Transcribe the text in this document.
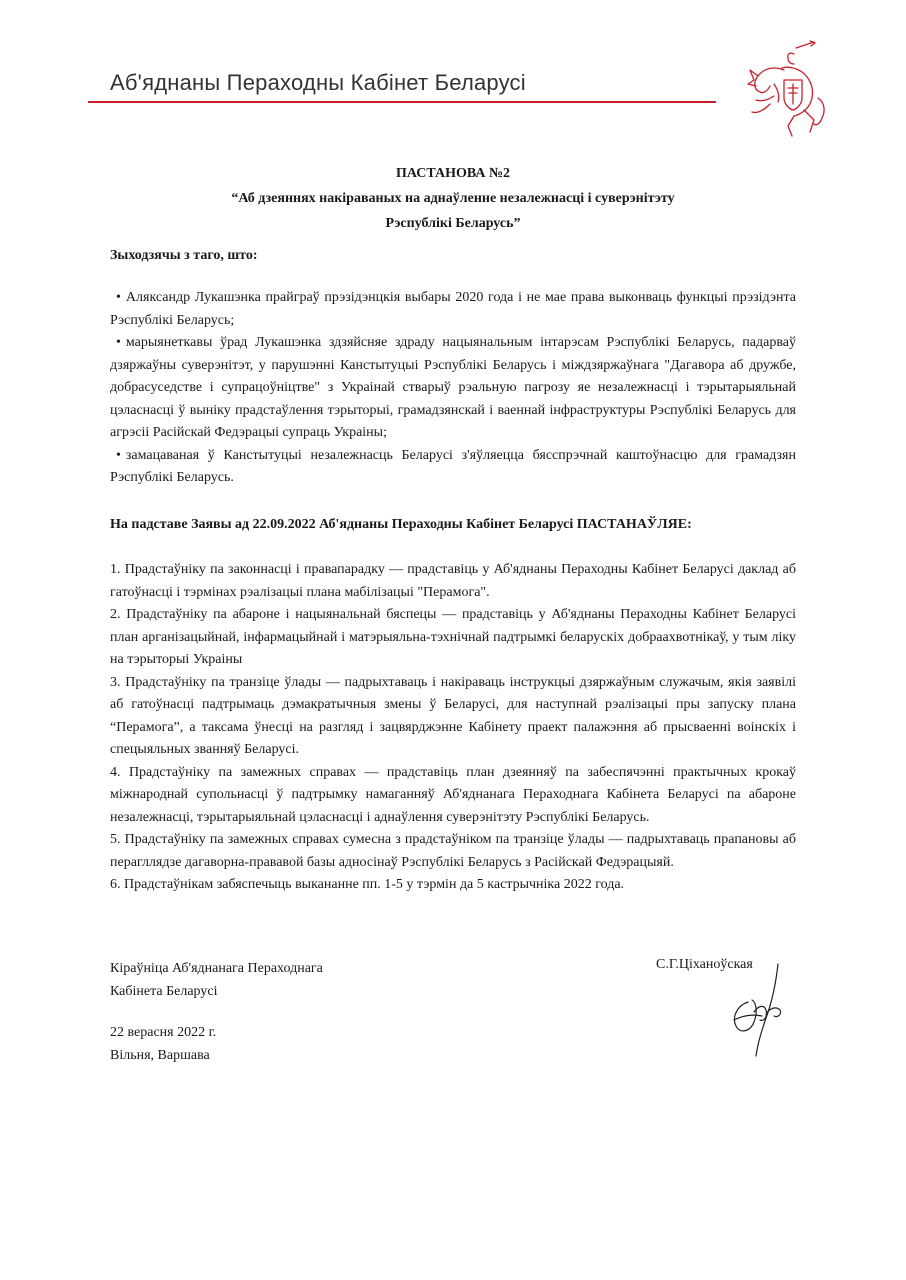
Аб'яднаны Пераходны Кабінет Беларусі
ПАСТАНОВА №2
“Аб дзеяннях накіраваных на аднаўленне незалежнасці і суверэнітэту
Рэспублікі Беларусь”
Зыходзячы з таго, што:

• Аляксандр Лукашэнка прайграў прэзідэнцкія выбары 2020 года і не мае права выконваць функцыі прэзідэнта Рэспублікі Беларусь;

• марыянеткавы ўрад Лукашэнка здзяйсняе здраду нацыянальным інтарэсам Рэспублікі Беларусь, падарваў дзяржаўны суверэнітэт, у парушэнні Канстытуцыі Рэспублікі Беларусь і міждзяржаўнага "Дагавора аб дружбе, добрасуседстве і супрацоўніцтве" з Украінай стварыў рэальную пагрозу яе незалежнасці і тэрытарыяльнай цэласнасці ў выніку прадстаўлення тэрыторыі, грамадзянскай і ваеннай інфраструктуры Рэспублікі Беларусь для агрэсіі Расійскай Федэрацыі супраць Украіны;

• замацаваная ў Канстытуцыі незалежнасць Беларусі з'яўляецца бясспрэчнай каштоўнасцю для грамадзян Рэспублікі Беларусь.

На падставе Заявы ад 22.09.2022 Аб'яднаны Пераходны Кабінет Беларусі ПАСТАНАЎЛЯЕ:

1. Прадстаўніку па законнасці і правапарадку — прадставіць у Аб'яднаны Пераходны Кабінет Беларусі даклад аб гатоўнасці і тэрмінах рэалізацыі плана мабілізацыі "Перамога".

2. Прадстаўніку па абароне і нацыянальнай бяспецы — прадставіць у Аб'яднаны Пераходны Кабінет Беларусі план арганізацыйнай, інфармацыйнай і матэрыяльна-тэхнічнай падтрымкі беларускіх добраахвотнікаў, у тым ліку на тэрыторыі Украіны

3. Прадстаўніку па транзіце ўлады — падрыхтаваць і накіраваць інструкцыі дзяржаўным служачым, якія заявілі аб гатоўнасці падтрымаць дэмакратычныя змены ў Беларусі, для наступнай рэалізацыі пры запуску плана “Перамога”, а таксама ўнесці на разгляд і зацвярджэнне Кабінету праект палажэння аб прысваенні воінскіх і спецыяльных званняў Беларусі.

4. Прадстаўніку па замежных справах — прадставіць план дзеянняў па забеспячэнні практычных крокаў міжнароднай супольнасці ў падтрымку намаганняў Аб'яднанага Пераходнага Кабінета Беларусі па абароне незалежнасці, тэрытарыяльнай цэласнасці і аднаўлення суверэнітэту Рэспублікі Беларусь.

5. Прадстаўніку па замежных справах сумесна з прадстаўніком па транзіце ўлады — падрыхтаваць прапановы аб перагллядзе дагаворна-прававой базы адносінаў Рэспублікі Беларусь з Расійскай Федэрацыяй.

6. Прадстаўнікам забяспечыць выкананне пп. 1-5 у тэрмін да 5 кастрычніка 2022 года.

Кіраўніца Аб'яднанага Пераходнага
Кабінета Беларусі
С.Г.Ціханоўская
22 верасня 2022 г.
Вільня, Варшава
